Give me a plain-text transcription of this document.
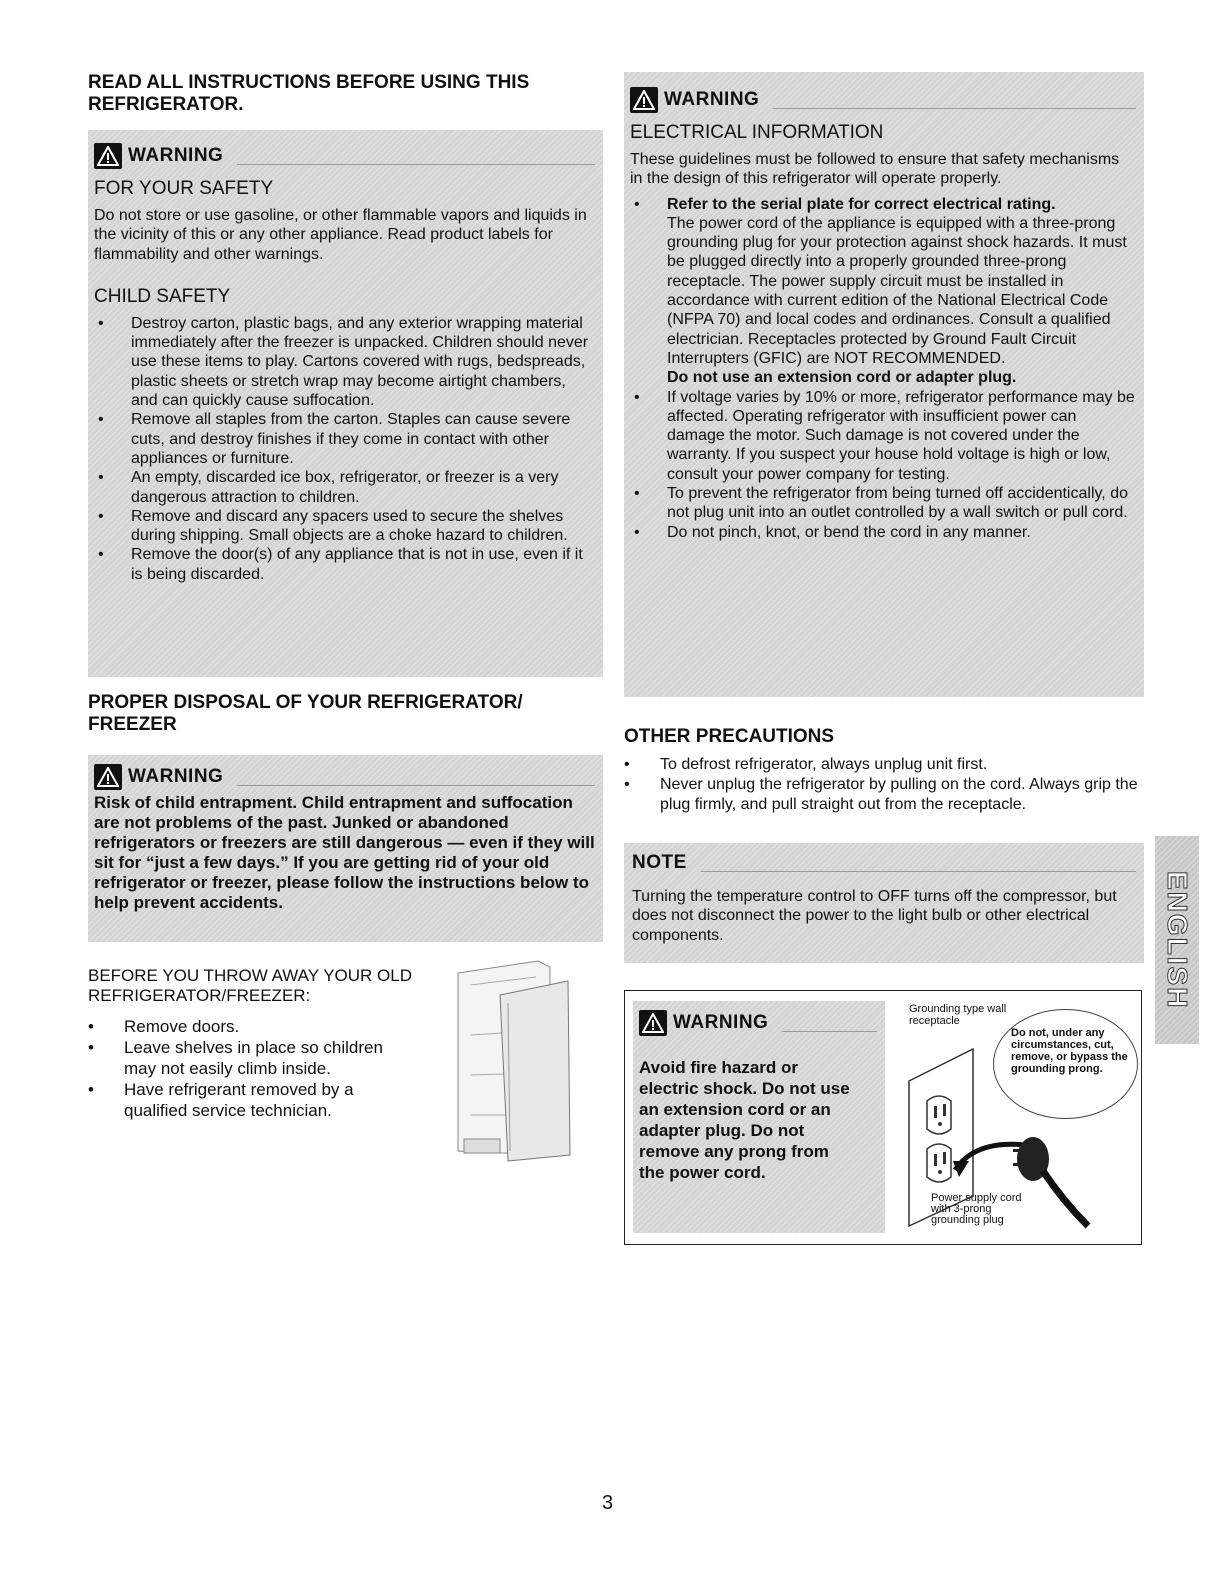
READ ALL INSTRUCTIONS BEFORE USING THIS REFRIGERATOR.
WARNING
FOR YOUR SAFETY
Do not store or use gasoline, or other flammable vapors and liquids in the vicinity of this or any other appliance. Read product labels for flammability and other warnings.
CHILD SAFETY
• Destroy carton, plastic bags, and any exterior wrapping material immediately after the freezer is unpacked. Children should never use these items to play. Cartons covered with rugs, bedspreads, plastic sheets or stretch wrap may become airtight chambers, and can quickly cause suffocation.
• Remove all staples from the carton. Staples can cause severe cuts, and destroy finishes if they come in contact with other appliances or furniture.
• An empty, discarded ice box, refrigerator, or freezer is a very dangerous attraction to children.
• Remove and discard any spacers used to secure the shelves during shipping. Small objects are a choke hazard to children.
• Remove the door(s) of any appliance that is not in use, even if it is being discarded.
PROPER DISPOSAL OF YOUR REFRIGERATOR/ FREEZER
WARNING
Risk of child entrapment. Child entrapment and suffocation are not problems of the past. Junked or abandoned refrigerators or freezers are still dangerous — even if they will sit for “just a few days.” If you are getting rid of your old refrigerator or freezer, please follow the instructions below to help prevent accidents.
BEFORE YOU THROW AWAY YOUR OLD REFRIGERATOR/FREEZER:
• Remove doors.
• Leave shelves in place so children may not easily climb inside.
• Have refrigerant removed by a qualified service technician.
WARNING
ELECTRICAL INFORMATION
These guidelines must be followed to ensure that safety mechanisms in the design of this refrigerator will operate properly.
• Refer to the serial plate for correct electrical rating.
The power cord of the appliance is equipped with a three-prong grounding plug for your protection against shock hazards. It must be plugged directly into a properly grounded three-prong receptacle. The power supply circuit must be installed in accordance with current edition of the National Electrical Code (NFPA 70) and local codes and ordinances. Consult a qualified electrician. Receptacles protected by Ground Fault Circuit Interrupters (GFIC) are NOT RECOMMENDED.
Do not use an extension cord or adapter plug.
• If voltage varies by 10% or more, refrigerator performance may be affected. Operating refrigerator with insufficient power can damage the motor. Such damage is not covered under the warranty. If you suspect your house hold voltage is high or low, consult your power company for testing.
• To prevent the refrigerator from being turned off accidentically, do not plug unit into an outlet controlled by a wall switch or pull cord.
• Do not pinch, knot, or bend the cord in any manner.
OTHER PRECAUTIONS
• To defrost refrigerator, always unplug unit first.
• Never unplug the refrigerator by pulling on the cord. Always grip the plug firmly, and pull straight out from the receptacle.
NOTE
Turning the temperature control to OFF turns off the compressor, but does not disconnect the power to the light bulb or other electrical components.
WARNING
Avoid fire hazard or electric shock. Do not use an extension cord or an adapter plug. Do not remove any prong from the power cord.
Grounding type wall receptacle
Do not, under any circumstances, cut, remove, or bypass the grounding prong.
Power supply cord with 3-prong grounding plug
ENGLISH
3
